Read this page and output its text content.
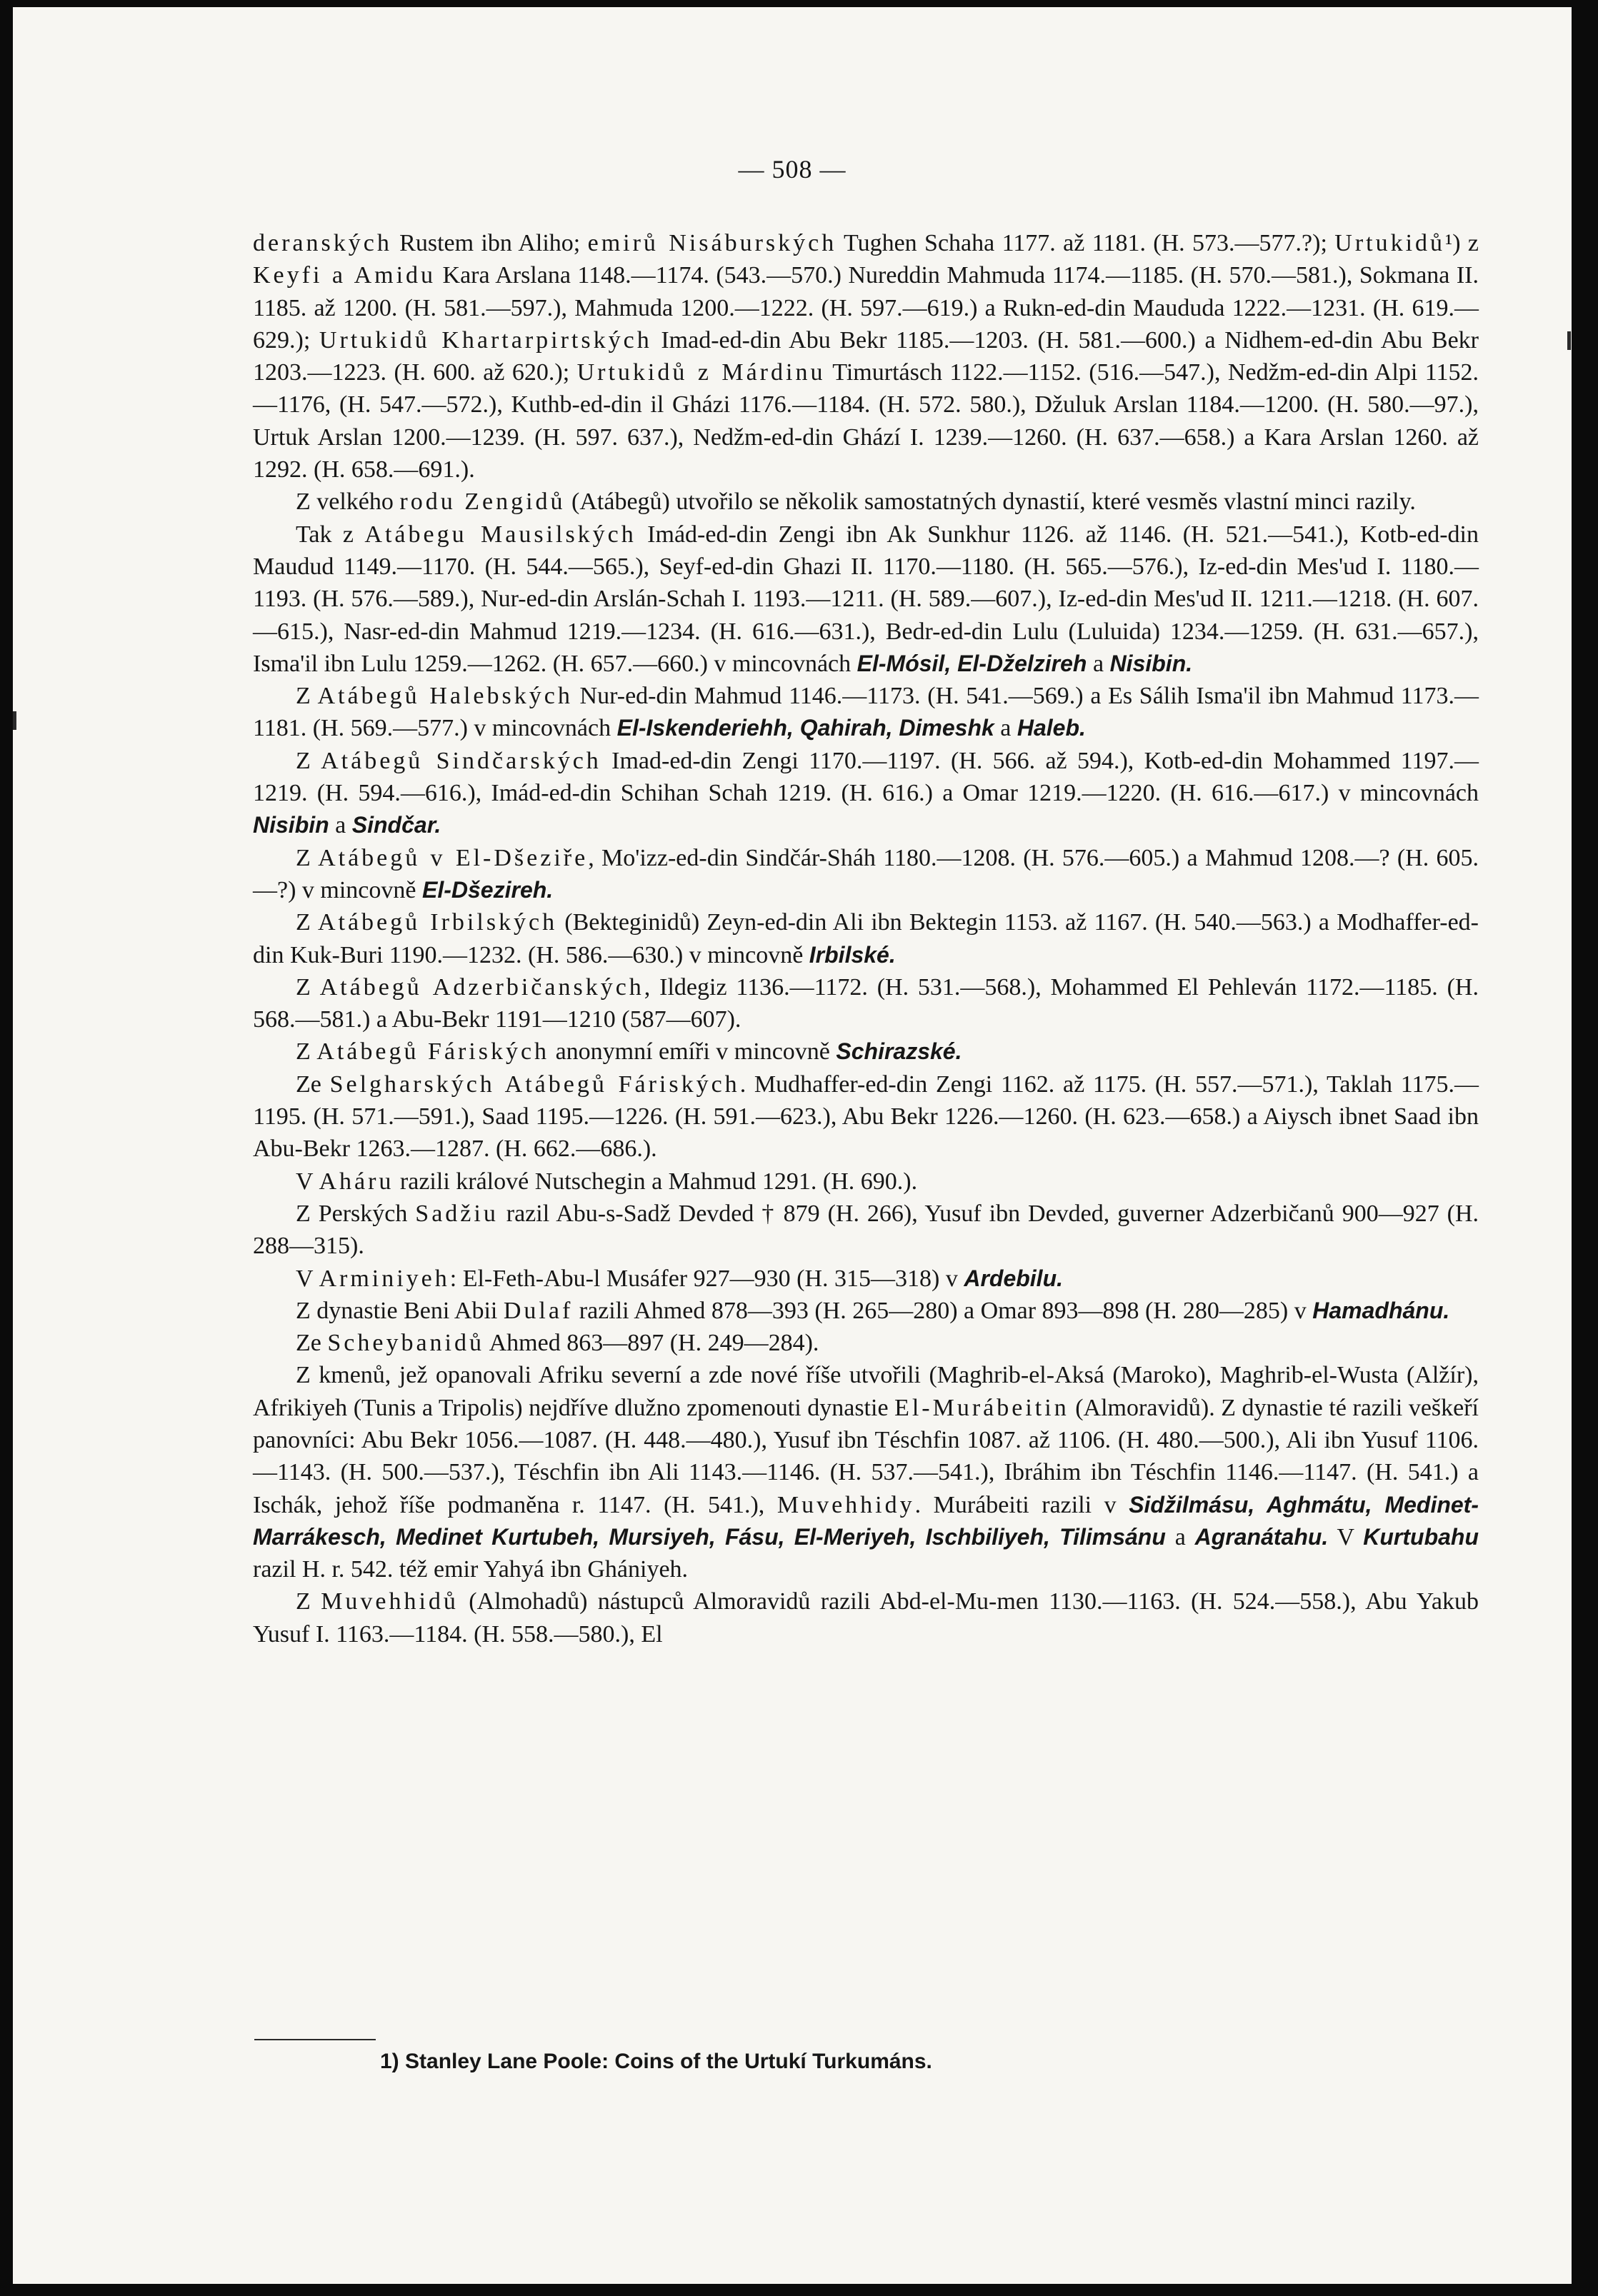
— 508 —

deranských Rustem ibn Aliho; emirů Nisáburských Tughen Schaha 1177. až 1181. (H. 573.—577.?); Urtukidů¹) z Keyfi a Amidu Kara Arslana 1148.—1174. (543.—570.) Nureddin Mahmuda 1174.—1185. (H. 570.—581.), Sokmana II. 1185. až 1200. (H. 581.—597.), Mahmuda 1200.—1222. (H. 597.—619.) a Rukn-ed-din Maududa 1222.—1231. (H. 619.—629.); Urtukidů Khartarpirtských Imad-ed-din Abu Bekr 1185.—1203. (H. 581.—600.) a Nidhem-ed-din Abu Bekr 1203.—1223. (H. 600. až 620.); Urtukidů z Márdinu Timurtásch 1122.—1152. (516.—547.), Nedžm-ed-din Alpi 1152.—1176, (H. 547.—572.), Kuthb-ed-din il Gházi 1176.—1184. (H. 572. 580.), Džuluk Arslan 1184.—1200. (H. 580.—97.), Urtuk Arslan 1200.—1239. (H. 597. 637.), Nedžm-ed-din Ghází I. 1239.—1260. (H. 637.—658.) a Kara Arslan 1260. až 1292. (H. 658.—691.).

Z velkého rodu Zengidů (Atábegů) utvořilo se několik samostatných dynastií, které vesměs vlastní minci razily.

Tak z Atábegu Mausilských Imád-ed-din Zengi ibn Ak Sunkhur 1126. až 1146. (H. 521.—541.), Kotb-ed-din Maudud 1149.—1170. (H. 544.—565.), Seyf-ed-din Ghazi II. 1170.—1180. (H. 565.—576.), Iz-ed-din Mes'ud I. 1180.—1193. (H. 576.—589.), Nur-ed-din Arslán-Schah I. 1193.—1211. (H. 589.—607.), Iz-ed-din Mes'ud II. 1211.—1218. (H. 607.—615.), Nasr-ed-din Mahmud 1219.—1234. (H. 616.—631.), Bedr-ed-din Lulu (Luluida) 1234.—1259. (H. 631.—657.), Isma'il ibn Lulu 1259.—1262. (H. 657.—660.) v mincovnách El-Mósil, El-Dželzireh a Nisibin.

Z Atábegů Halebských Nur-ed-din Mahmud 1146.—1173. (H. 541.—569.) a Es Sálih Isma'il ibn Mahmud 1173.—1181. (H. 569.—577.) v mincovnách El-Iskenderiehh, Qahirah, Dimeshk a Haleb.

Z Atábegů Sindčarských Imad-ed-din Zengi 1170.—1197. (H. 566. až 594.), Kotb-ed-din Mohammed 1197.—1219. (H. 594.—616.), Imád-ed-din Schihan Schah 1219. (H. 616.) a Omar 1219.—1220. (H. 616.—617.) v mincovnách Nisibin a Sindčar.

Z Atábegů v El-Dšeziře, Mo'izz-ed-din Sindčár-Sháh 1180.—1208. (H. 576.—605.) a Mahmud 1208.—? (H. 605.—?) v mincovně El-Dšezireh.

Z Atábegů Irbilských (Bekteginidů) Zeyn-ed-din Ali ibn Bektegin 1153. až 1167. (H. 540.—563.) a Modhaffer-ed-din Kuk-Buri 1190.—1232. (H. 586.—630.) v mincovně Irbilské.

Z Atábegů Adzerbičanských, Ildegiz 1136.—1172. (H. 531.—568.), Mohammed El Pehleván 1172.—1185. (H. 568.—581.) a Abu-Bekr 1191—1210 (587—607).

Z Atábegů Fáriských anonymní emíři v mincovně Schirazské.

Ze Selgharských Atábegů Fáriských. Mudhaffer-ed-din Zengi 1162. až 1175. (H. 557.—571.), Taklah 1175.—1195. (H. 571.—591.), Saad 1195.—1226. (H. 591.—623.), Abu Bekr 1226.—1260. (H. 623.—658.) a Aiysch ibnet Saad ibn Abu-Bekr 1263.—1287. (H. 662.—686.).

V Aháru razili králové Nutschegin a Mahmud 1291. (H. 690.).

Z Perských Sadžiu razil Abu-s-Sadž Devded † 879 (H. 266), Yusuf ibn Devded, guverner Adzerbičanů 900—927 (H. 288—315).

V Arminiyeh: El-Feth-Abu-l Musáfer 927—930 (H. 315—318) v Ardebilu.

Z dynastie Beni Abii Dulaf razili Ahmed 878—393 (H. 265—280) a Omar 893—898 (H. 280—285) v Hamadhánu.

Ze Scheybanidů Ahmed 863—897 (H. 249—284).

Z kmenů, jež opanovali Afriku severní a zde nové říše utvořili (Maghrib-el-Aksá (Maroko), Maghrib-el-Wusta (Alžír), Afrikiyeh (Tunis a Tripolis) nejdříve dlužno zpomenouti dynastie El-Murábeitin (Almoravidů). Z dynastie té razili veškeří panovníci: Abu Bekr 1056.—1087. (H. 448.—480.), Yusuf ibn Téschfin 1087. až 1106. (H. 480.—500.), Ali ibn Yusuf 1106.—1143. (H. 500.—537.), Téschfin ibn Ali 1143.—1146. (H. 537.—541.), Ibráhim ibn Téschfin 1146.—1147. (H. 541.) a Ischák, jehož říše podmaněna r. 1147. (H. 541.), Muvehhidy. Murábeiti razili v Sidžilmásu, Aghmátu, Medinet-Marrákesch, Medinet Kurtubeh, Mursiyeh, Fásu, El-Meriyeh, Ischbiliyeh, Tilimsánu a Agranátahu. V Kurtubahu razil H. r. 542. též emir Yahyá ibn Ghániyeh.

Z Muvehhidů (Almohadů) nástupců Almoravidů razili Abd-el-Mu-men 1130.—1163. (H. 524.—558.), Abu Yakub Yusuf I. 1163.—1184. (H. 558.—580.), El

1) Stanley Lane Poole: Coins of the Urtukí Turkumáns.
